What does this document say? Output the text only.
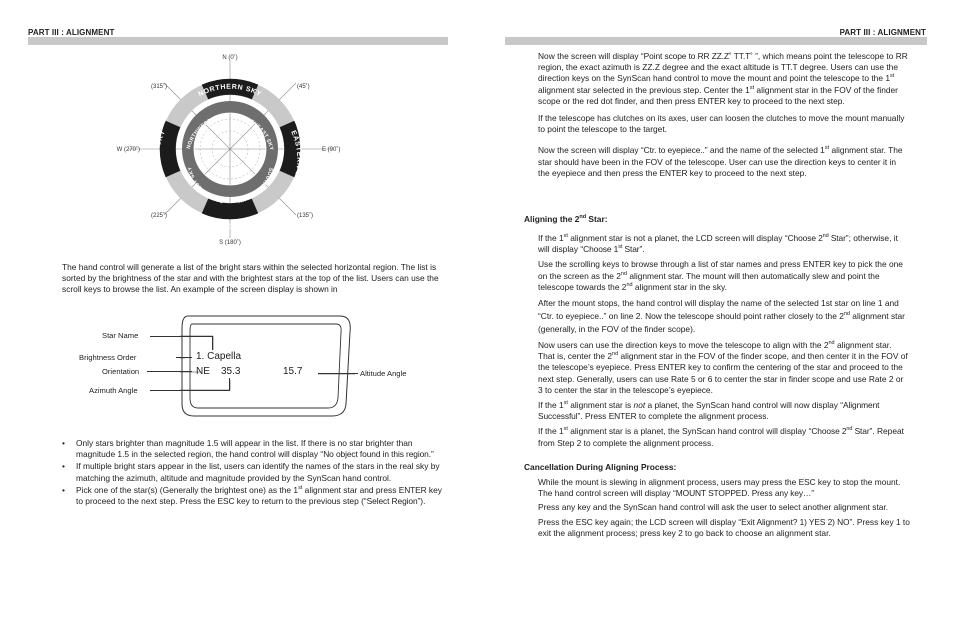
PART III : ALIGNMENT
NORTHERN SKY
EASTERN SKY
SOUTHERN SKY
WESTERN SKY
NORTHWEST SKY	NORTHEAST SKY
SOUTHEAST SKY
SOUTHWEST SKY
N (0˚)
(45˚)
E (90˚)
(135˚)
S (180˚)
(225˚)
W (270˚)
(315˚)

The hand control will generate a list of the bright stars within the selected horizontal region. The list is sorted by the brightness of the star and with the brightest stars at the top of the list. Users can use the scroll keys to browse the list. An example of the screen display is shown in

Star Name
Brightness Order
Orientation
Azimuth Angle
Altitude Angle
1. Capella
NE 35.3	15.7
• Only stars brighter than magnitude 1.5 will appear in the list. If there is no star brighter than magnitude 1.5 in the selected region, the hand control will display “No object found in this region.”
• If multiple bright stars appear in the list, users can identify the names of the stars in the real sky by matching the azimuth, altitude and magnitude provided by the SynScan hand control.
• Pick one of the star(s) (Generally the brightest one) as the 1st alignment star and press ENTER key to proceed to the next step. Press the ESC key to return to the previous step (“Select Region”).
PART III : ALIGNMENT

Now the screen will display “Point scope to RR ZZ.Z˚ TT.T˚ ”, which means point the telescope to RR region, the exact azimuth is ZZ.Z degree and the exact altitude is TT.T degree. Users can use the direction keys on the SynScan hand control to move the mount and point the telescope to the 1st alignment star selected in the previous step. Center the 1st alignment star in the FOV of the finder scope or the red dot finder, and then press ENTER key to proceed to the next step.

If the telescope has clutches on its axes, user can loosen the clutches to move the mount manually to point the telescope to the target.

Now the screen will display “Ctr. to eyepiece..” and the name of the selected 1st alignment star. The star should have been in the FOV of the telescope. User can use the direction keys to center it in the eyepiece and then press the ENTER key to proceed to the next step.

Aligning the 2nd Star:

If the 1st alignment star is not a planet, the LCD screen will display “Choose 2nd Star”; otherwise, it will display “Choose 1st Star”.

Use the scrolling keys to browse through a list of star names and press ENTER key to pick the one on the screen as the 2nd alignment star. The mount will then automatically slew and point the telescope towards the 2nd alignment star in the sky.

After the mount stops, the hand control will display the name of the selected 1st star on line 1 and “Ctr. to eyepiece..” on line 2. Now the telescope should point rather closely to the 2nd alignment star (generally, in the FOV of the finder scope).

Now users can use the direction keys to move the telescope to align with the 2nd alignment star. That is, center the 2nd alignment star in the FOV of the finder scope, and then center it in the FOV of the telescope’s eyepiece. Press ENTER key to confirm the centering of the star and proceed to the next step. Generally, users can use Rate 5 or 6 to center the star in finder scope and use Rate 2 or 3 to center the star in the telescope’s eyepiece.

If the 1st alignment star is not a planet, the SynScan hand control will now display “Alignment Successful”. Press ENTER to complete the alignment process.

If the 1st alignment star is a planet, the SynScan hand control will display “Choose 2nd Star”. Repeat from Step 2 to complete the alignment process.

Cancellation During Aligning Process:

While the mount is slewing in alignment process, users may press the ESC key to stop the mount. The hand control screen will display “MOUNT STOPPED. Press any key…”

Press any key and the SynScan hand control will ask the user to select another alignment star.

Press the ESC key again; the LCD screen will display “Exit Alignment? 1) YES 2) NO”. Press key 1 to exit the alignment process; press key 2 to go back to choose an alignment star.
